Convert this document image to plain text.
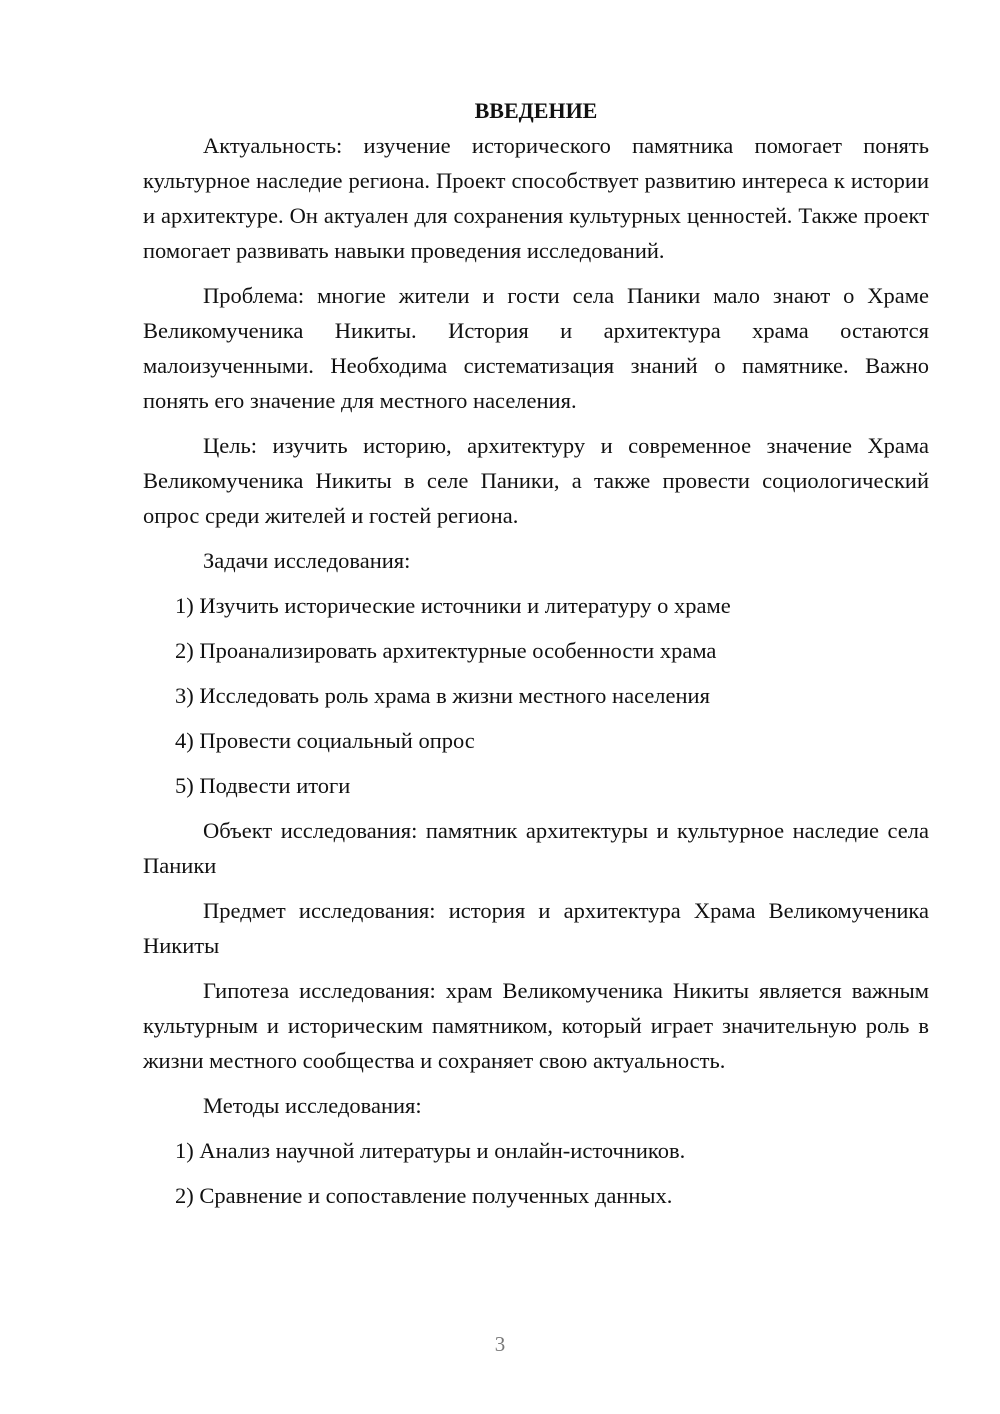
ВВЕДЕНИЕ

Актуальность: изучение исторического памятника помогает понять культурное наследие региона. Проект способствует развитию интереса к истории и архитектуре. Он актуален для сохранения культурных ценностей. Также проект помогает развивать навыки проведения исследований.

Проблема: многие жители и гости села Паники мало знают о Храме Великомученика Никиты. История и архитектура храма остаются малоизученными. Необходима систематизация знаний о памятнике. Важно понять его значение для местного населения.

Цель: изучить историю, архитектуру и современное значение Храма Великомученика Никиты в селе Паники, а также провести социологический опрос среди жителей и гостей региона.

Задачи исследования:

1) Изучить исторические источники и литературу о храме
2) Проанализировать архитектурные особенности храма
3) Исследовать роль храма в жизни местного населения
4) Провести социальный опрос
5) Подвести итоги

Объект исследования: памятник архитектуры и культурное наследие села Паники

Предмет исследования: история и архитектура Храма Великомученика Никиты

Гипотеза исследования: храм Великомученика Никиты является важным культурным и историческим памятником, который играет значительную роль в жизни местного сообщества и сохраняет свою актуальность.

Методы исследования:

1) Анализ научной литературы и онлайн-источников.
2) Сравнение и сопоставление полученных данных.
3
